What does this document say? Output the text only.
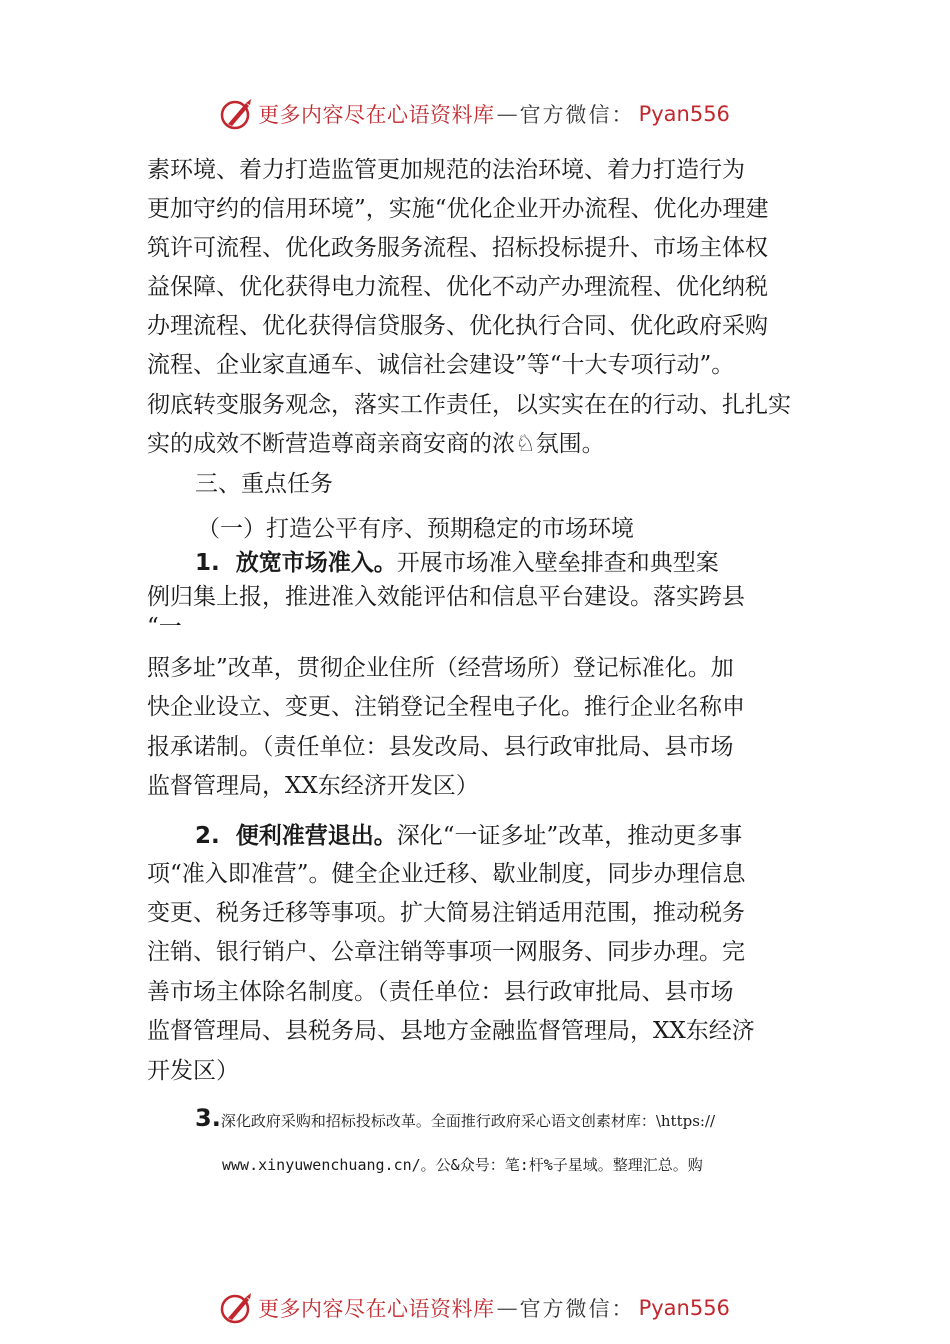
更多内容尽在心语资料库 — 官方微信： Pyan556
素环境、着力打造监管更加规范的法治环境、着力打造行为
更加守约的信用环境”，实施“优化企业开办流程、优化办理建
筑许可流程、优化政务服务流程、招标投标提升、市场主体权
益保障、优化获得电力流程、优化不动产办理流程、优化纳税
办理流程、优化获得信贷服务、优化执行合同、优化政府采购
流程、企业家直通车、诚信社会建设”等“十大专项行动”。
彻底转变服务观念，落实工作责任，以实实在在的行动、扎扎实
实的成效不断营造尊商亲商安商的浓♘氛围。
三、重点任务
（一）打造公平有序、预期稳定的市场环境
1. 放宽市场准入。开展市场准入壁垒排查和典型案
例归集上报，推进准入效能评估和信息平台建设。落实跨县
“一
照多址”改革，贯彻企业住所（经营场所）登记标准化。加
快企业设立、变更、注销登记全程电子化。推行企业名称申
报承诺制。（责任单位：县发改局、县行政审批局、县市场
监督管理局，XX东经济开发区）
2. 便利准营退出。深化“一证多址”改革，推动更多事
项“准入即准营”。健全企业迁移、歇业制度，同步办理信息
变更、税务迁移等事项。扩大简易注销适用范围，推动税务
注销、银行销户、公章注销等事项一网服务、同步办理。完
善市场主体除名制度。（责任单位：县行政审批局、县市场
监督管理局、县税务局、县地方金融监督管理局，XX东经济
开发区）
3.深化政府采购和招标投标改革。全面推行政府采心语文创素材库：\https://
www.xinyuwenchuang.cn/。公&众号：笔:杆%子星域。整理汇总。购
更多内容尽在心语资料库 — 官方微信： Pyan556
